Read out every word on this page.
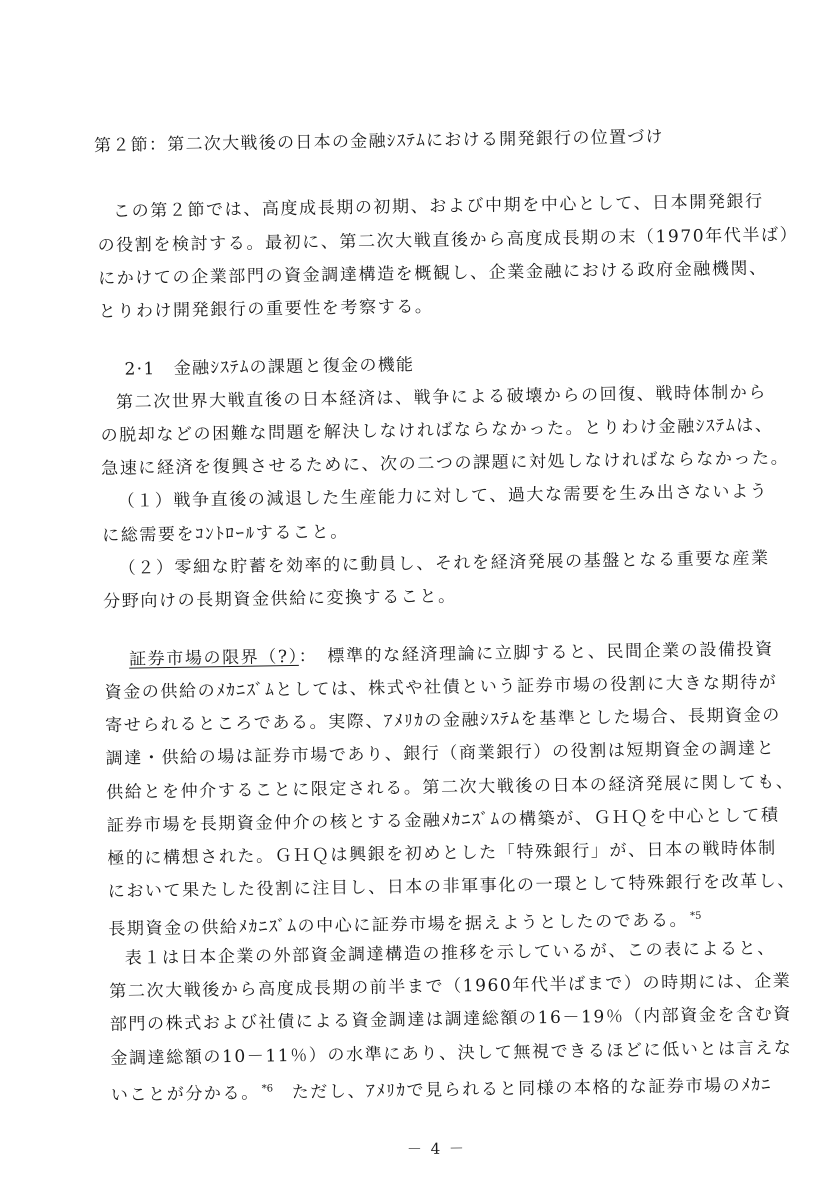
第２節：第二次大戦後の日本の金融ｼｽﾃﾑにおける開発銀行の位置づけ
この第２節では、高度成長期の初期、および中期を中心として、日本開発銀行
の役割を検討する。最初に、第二次大戦直後から高度成長期の末（1970年代半ば）
にかけての企業部門の資金調達構造を概観し、企業金融における政府金融機関、
とりわけ開発銀行の重要性を考察する。
2·1　金融ｼｽﾃﾑの課題と復金の機能
第二次世界大戦直後の日本経済は、戦争による破壊からの回復、戦時体制から
の脱却などの困難な問題を解決しなければならなかった。とりわけ金融ｼｽﾃﾑは、
急速に経済を復興させるために、次の二つの課題に対処しなければならなかった。
（１）戦争直後の減退した生産能力に対して、過大な需要を生み出さないよう
に総需要をｺﾝﾄﾛｰﾙすること。
（２）零細な貯蓄を効率的に動員し、それを経済発展の基盤となる重要な産業
分野向けの長期資金供給に変換すること。
証券市場の限界（?）：　標準的な経済理論に立脚すると、民間企業の設備投資
資金の供給のﾒｶﾆｽﾞﾑとしては、株式や社債という証券市場の役割に大きな期待が
寄せられるところである。実際、ｱﾒﾘｶの金融ｼｽﾃﾑを基準とした場合、長期資金の
調達・供給の場は証券市場であり、銀行（商業銀行）の役割は短期資金の調達と
供給とを仲介することに限定される。第二次大戦後の日本の経済発展に関しても、
証券市場を長期資金仲介の核とする金融ﾒｶﾆｽﾞﾑの構築が、ＧＨＱを中心として積
極的に構想された。ＧＨＱは興銀を初めとした「特殊銀行」が、日本の戦時体制
において果たした役割に注目し、日本の非軍事化の一環として特殊銀行を改革し、
長期資金の供給ﾒｶﾆｽﾞﾑの中心に証券市場を据えようとしたのである。 $^{*5}$
表１は日本企業の外部資金調達構造の推移を示しているが、この表によると、
第二次大戦後から高度成長期の前半まで（1960年代半ばまで）の時期には、企業
部門の株式および社債による資金調達は調達総額の16－19％（内部資金を含む資
金調達総額の10－11％）の水準にあり、決して無視できるほどに低いとは言えな
いことが分かる。 $^{*6}$　ただし、ｱﾒﾘｶで見られると同様の本格的な証券市場のﾒｶﾆ
－ 4 －
